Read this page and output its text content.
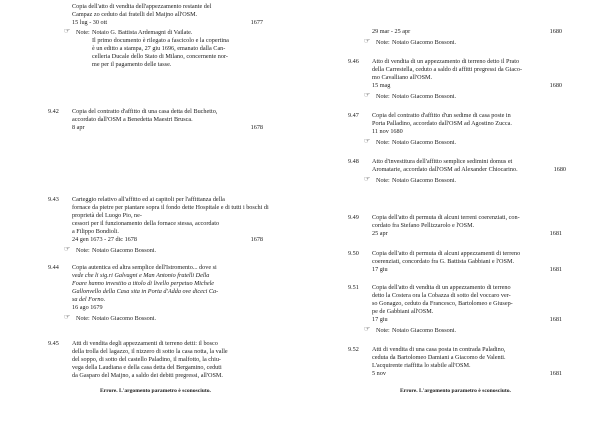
Copia dell'atto di vendita dell'appezzamento restante del
Campaz zo ceduto dai fratelli del Maijno all'OSM.
15 lug - 30 ott	1677
☞ Note: Notaio G. Battista Ardemagni di Vailate.
Il primo documento è rilegato a fascicolo e la copertina
è un editto a stampa, 27 giu 1696, emanato dalla Can-
celleria Ducale dello Stato di Milano, concernente nor-
me per il pagamento delle tasse.
9.42 Copia del contratto d'affitto di una casa detta del Buchetto,
accordato dall'OSM a Benedetta Maestri Brusca.
8 apr	1678
9.43 Carteggio relativo all'affitto ed ai capitoli per l'affittanza della
fornace da pietre per piantare sopra il fondo dette Hospitale e di tutti i boschi di proprietà del Luogo Pio, ne-
cessori per il funzionamento della fornace stessa, accordato
a Filippo Bondioli.
24 gen 1673 - 27 dic 1678	1678
☞ Note: Notaio Giacomo Bossoni.
9.44 Copia autentica ed altra semplice dell'Istromento... dove si
vede che li sig.ri Galvagni e Man Antonio fratelli Della
Foare hanno investito a titolo di livello perpetuo Michele
Gallonvello della Casa sita in Porta d'Adda ove diceci Ca-
sa del Forno.
16 ago 1679
☞ Note: Notaio Giacomo Bossoni.
9.45 Atti di vendita degli appezzamenti di terreno detti: il bosco
della trolla del lagazzo, il nizzero di sotto la casa notta, la valle
del soppo, di sotto del castello Paladino, il malfotto, la chiu-
vega della Laudiana e della casa detta del Bergamino, ceduti
da Gasparo del Maijno, a saldo dei debiti pregressi, all'OSM.
Errore. L'argomento parametro è sconosciuto.
29 mar - 25 apr	1680
☞ Note: Notaio Giacomo Bossoni.
9.46 Atto di vendita di un appezzamento di terreno detto il Prato
della Carrestella, ceduto a saldo di affitti pregressi da Giaco-
mo Cavalliano all'OSM.
15 mag	1680
☞ Note: Notaio Giacomo Bossoni.
9.47 Copia del contratto d'affitto d'un sedime di casa poste in
Porta Palladino, accordato dall'OSM ad Agostino Zucca.
11 nov 1680
☞ Note: Notaio Giacomo Bossoni.
9.48 Atto d'investitura dell'affitto semplice sedimini domus et
Aromatarie, accordato dall'OSM ad Alexander Chiocarino.	1680
☞ Note: Notaio Giacomo Bossoni.
9.49 Copia dell'atto di permuta di alcuni terreni coerenziati, con-
cordato fra Stefano Pellizzarolo e l'OSM.
25 apr	1681
9.50 Copia dell'atto di permuta di alcuni appezzamenti di terreno
coerenziati, concordato fra G. Battista Gabbiani e l'OSM.
17 giu	1681
9.51 Copia dell'atto di vendita di un appezzamento di terreno
detto la Costera ora la Cobazza di sotto del voccaro ver-
so Gonagzo, ceduto da Francesco, Bartolomeo e Giusep-
pe de Gabbiani all'OSM.
17 giu	1681
☞ Note: Notaio Giacomo Bossoni.
9.52 Atti di vendita di una casa posta in contrada Paladino,
ceduta da Bartolomeo Damiani a Giacomo de Valenti.
L'acquirente riaffitta lo stabile all'OSM.
5 nov	1681
Errore. L'argomento parametro è sconosciuto.
